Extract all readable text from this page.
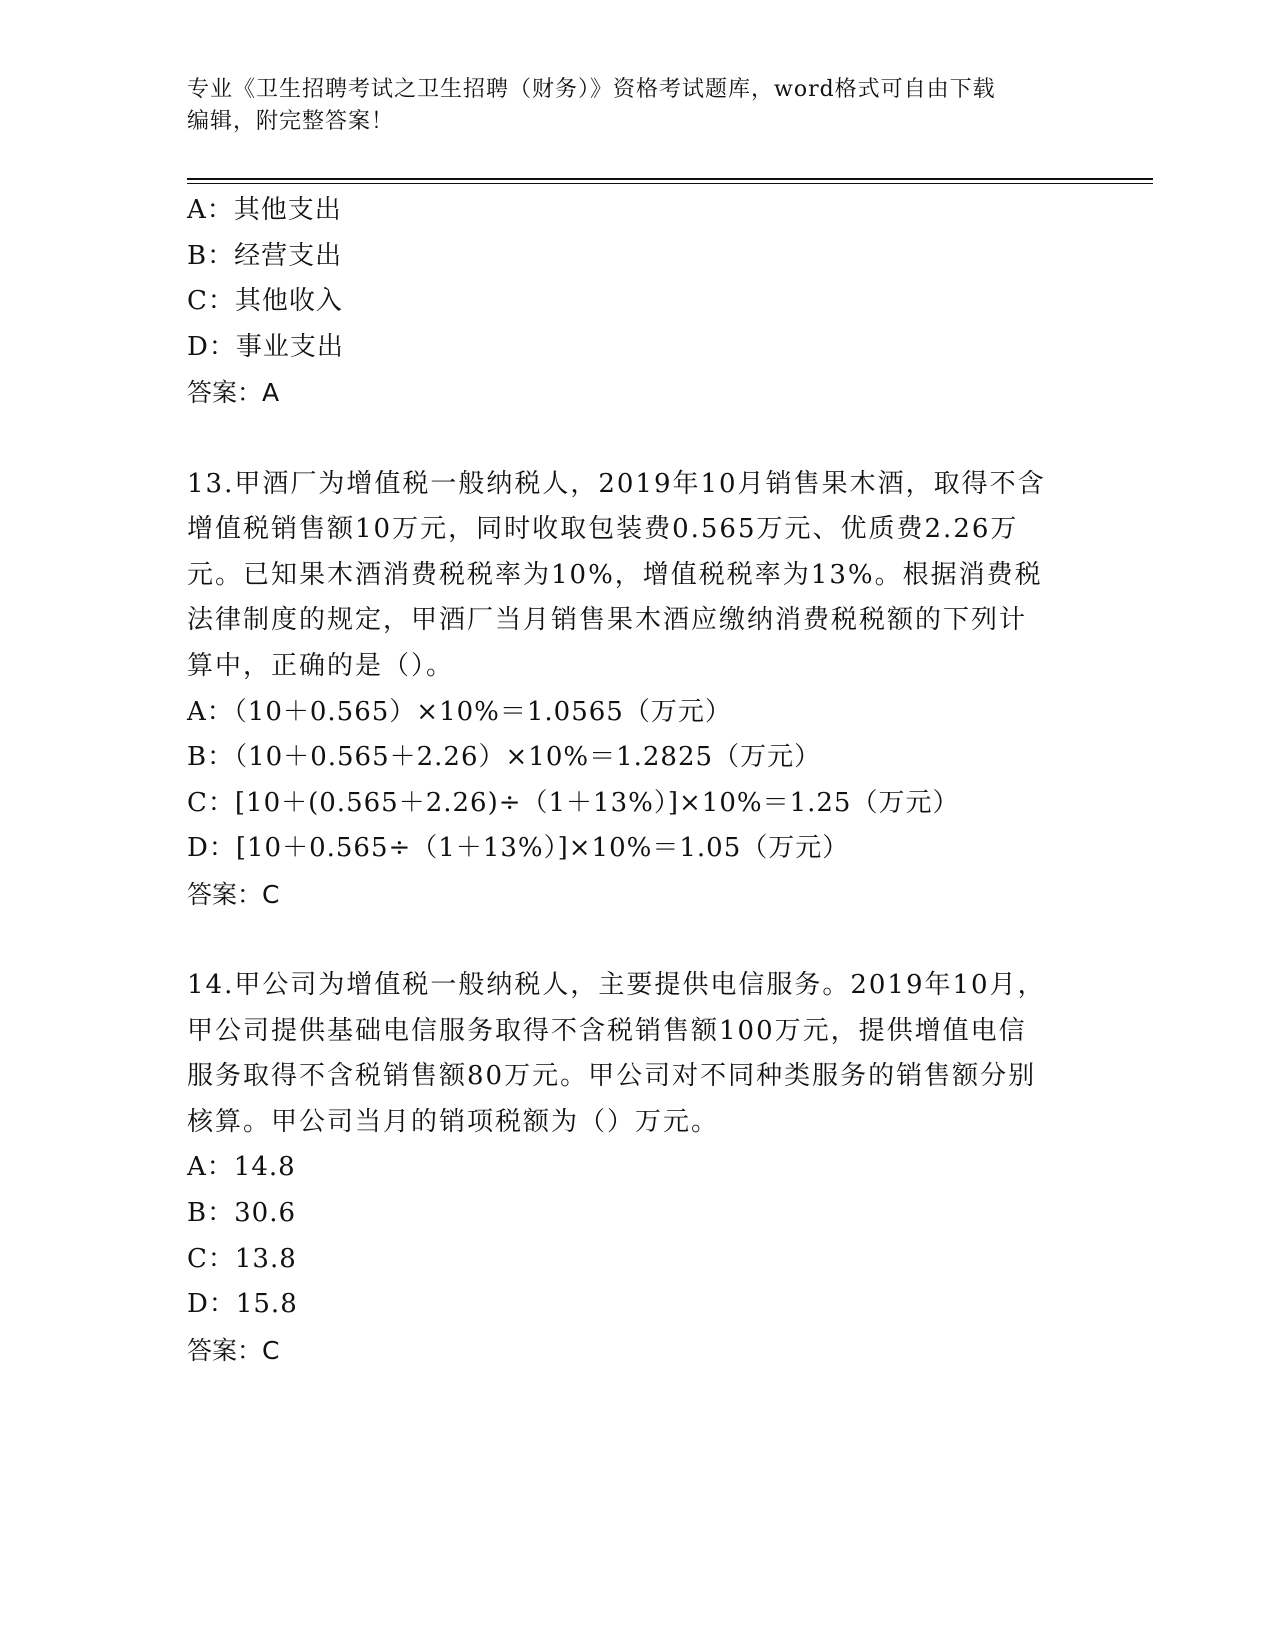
专业《卫生招聘考试之卫生招聘（财务）》资格考试题库，word格式可自由下载
编辑，附完整答案！
A：其他支出
B：经营支出
C：其他收入
D：事业支出
答案：A
13.甲酒厂为增值税一般纳税人，2019年10月销售果木酒，取得不含
增值税销售额10万元，同时收取包装费0.565万元、优质费2.26万
元。已知果木酒消费税税率为10%，增值税税率为13%。根据消费税
法律制度的规定，甲酒厂当月销售果木酒应缴纳消费税税额的下列计
算中，正确的是（）。
A：（10＋0.565）×10%＝1.0565（万元）
B：（10＋0.565＋2.26）×10%＝1.2825（万元）
C：[10＋(0.565＋2.26)÷（1＋13%）]×10%＝1.25（万元）
D：[10＋0.565÷（1＋13%）]×10%＝1.05（万元）
答案：C
14.甲公司为增值税一般纳税人，主要提供电信服务。2019年10月，
甲公司提供基础电信服务取得不含税销售额100万元，提供增值电信
服务取得不含税销售额80万元。甲公司对不同种类服务的销售额分别
核算。甲公司当月的销项税额为（）万元。
A：14.8
B：30.6
C：13.8
D：15.8
答案：C
